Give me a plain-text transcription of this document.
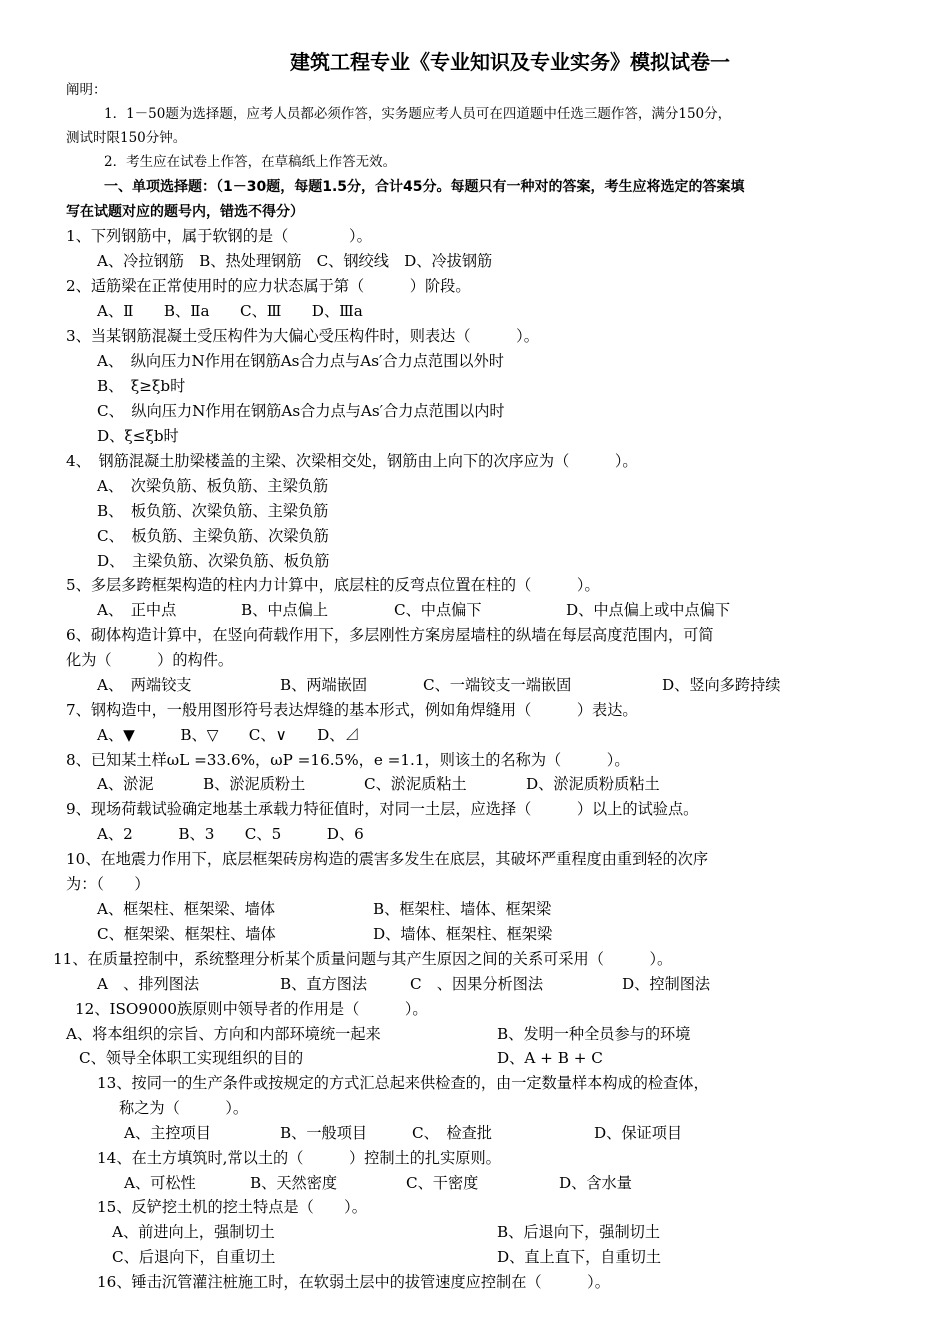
建筑工程专业《专业知识及专业实务》模拟试卷一
阐明：
1．1－50题为选择题，应考人员都必须作答，实务题应考人员可在四道题中任选三题作答，满分150分，
测试时限150分钟。
2．考生应在试卷上作答，在草稿纸上作答无效。
一、单项选择题：（1－30题，每题1.5分，合计45分。每题只有一种对的答案，考生应将选定的答案填
写在试题对应的题号内，错选不得分）
1、下列钢筋中，属于软钢的是（　　　　）。
A、冷拉钢筋　B、热处理钢筋　C、钢绞线　D、冷拔钢筋
2、适筋梁在正常使用时的应力状态属于第（　　　）阶段。
A、Ⅱ　　B、Ⅱa　　C、Ⅲ　　D、Ⅲa
3、当某钢筋混凝土受压构件为大偏心受压构件时，则表达（　　　）。
A、　纵向压力N作用在钢筋As合力点与As′合力点范围以外时
B、　ξ≥ξb时
C、　纵向压力N作用在钢筋As合力点与As′合力点范围以内时
D、ξ≤ξb时
4、　钢筋混凝土肋梁楼盖的主梁、次梁相交处，钢筋由上向下的次序应为（　　　）。
A、　次梁负筋、板负筋、主梁负筋
B、　板负筋、次梁负筋、主梁负筋
C、　板负筋、主梁负筋、次梁负筋
D、　主梁负筋、次梁负筋、板负筋
5、多层多跨框架构造的柱内力计算中，底层柱的反弯点位置在柱的（　　　）。
A、　正中点	B、中点偏上	C、中点偏下	D、中点偏上或中点偏下
6、砌体构造计算中，在竖向荷载作用下，多层刚性方案房屋墙柱的纵墙在每层高度范围内，可简
化为（　　　）的构件。
A、　两端铰支	B、两端嵌固	C、一端铰支一端嵌固	D、竖向多跨持续
7、钢构造中，一般用图形符号表达焊缝的基本形式，例如角焊缝用（　　　）表达。
A、▼　　　B、▽　　C、∨　　D、⊿
8、已知某土样ωL =33.6%，ωP =16.5%，e =1.1，则该土的名称为（　　　）。
A、淤泥	B、淤泥质粉土	C、淤泥质粘土	D、淤泥质粉质粘土
9、现场荷载试验确定地基土承载力特征值时，对同一土层，应选择（　　　）以上的试验点。
A、2　　　B、3　　C、5　　　D、6
10、在地震力作用下，底层框架砖房构造的震害多发生在底层，其破坏严重程度由重到轻的次序
为：（　　）
A、框架柱、框架梁、墙体	B、框架柱、墙体、框架梁
C、框架梁、框架柱、墙体	D、墙体、框架柱、框架梁
11、在质量控制中，系统整理分析某个质量问题与其产生原因之间的关系可采用（　　　）。
A　、排列图法	B、直方图法	C　、因果分析图法	D、控制图法
12、ISO9000族原则中领导者的作用是（　　　）。
A、将本组织的宗旨、方向和内部环境统一起来	B、发明一种全员参与的环境
C、领导全体职工实现组织的目的	D、A + B + C
13、按同一的生产条件或按规定的方式汇总起来供检查的，由一定数量样本构成的检查体，
称之为（　　　）。
A、主控项目	B、一般项目	C、　检查批	D、保证项目
14、在土方填筑时,常以土的（　　　）控制土的扎实原则。
A、可松性	B、天然密度	C、干密度	D、含水量
15、反铲挖土机的挖土特点是（　　）。
A、前进向上，强制切土	B、后退向下，强制切土
C、后退向下，自重切土	D、直上直下，自重切土
16、锤击沉管灌注桩施工时，在软弱土层中的拔管速度应控制在（　　　）。
